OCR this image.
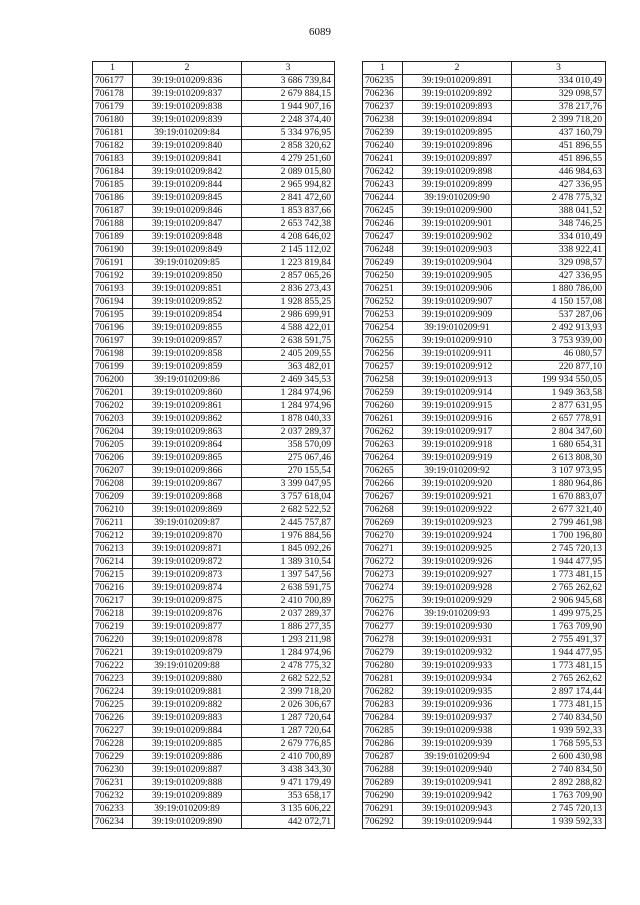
6089
1	2	3
706177	39:19:010209:836	3 686 739,84
706178	39:19:010209:837	2 679 884,15
706179	39:19:010209:838	1 944 907,16
706180	39:19:010209:839	2 248 374,40
706181	39:19:010209:84	5 334 976,95
706182	39:19:010209:840	2 858 320,62
706183	39:19:010209:841	4 279 251,60
706184	39:19:010209:842	2 089 015,80
706185	39:19:010209:844	2 965 994,82
706186	39:19:010209:845	2 841 472,60
706187	39:19:010209:846	1 853 837,66
706188	39:19:010209:847	2 653 742,38
706189	39:19:010209:848	4 208 646,02
706190	39:19:010209:849	2 145 112,02
706191	39:19:010209:85	1 223 819,84
706192	39:19:010209:850	2 857 065,26
706193	39:19:010209:851	2 836 273,43
706194	39:19:010209:852	1 928 855,25
706195	39:19:010209:854	2 986 699,91
706196	39:19:010209:855	4 588 422,01
706197	39:19:010209:857	2 638 591,75
706198	39:19:010209:858	2 405 209,55
706199	39:19:010209:859	363 482,01
706200	39:19:010209:86	2 469 345,53
706201	39:19:010209:860	1 284 974,96
706202	39:19:010209:861	1 284 974,96
706203	39:19:010209:862	1 878 040,33
706204	39:19:010209:863	2 037 289,37
706205	39:19:010209:864	358 570,09
706206	39:19:010209:865	275 067,46
706207	39:19:010209:866	270 155,54
706208	39:19:010209:867	3 399 047,95
706209	39:19:010209:868	3 757 618,04
706210	39:19:010209:869	2 682 522,52
706211	39:19:010209:87	2 445 757,87
706212	39:19:010209:870	1 976 884,56
706213	39:19:010209:871	1 845 092,26
706214	39:19:010209:872	1 389 310,54
706215	39:19:010209:873	1 397 547,56
706216	39:19:010209:874	2 638 591,75
706217	39:19:010209:875	2 410 700,89
706218	39:19:010209:876	2 037 289,37
706219	39:19:010209:877	1 886 277,35
706220	39:19:010209:878	1 293 211,98
706221	39:19:010209:879	1 284 974,96
706222	39:19:010209:88	2 478 775,32
706223	39:19:010209:880	2 682 522,52
706224	39:19:010209:881	2 399 718,20
706225	39:19:010209:882	2 026 306,67
706226	39:19:010209:883	1 287 720,64
706227	39:19:010209:884	1 287 720,64
706228	39:19:010209:885	2 679 776,85
706229	39:19:010209:886	2 410 700,89
706230	39:19:010209:887	3 438 343,30
706231	39:19:010209:888	9 471 179,49
706232	39:19:010209:889	353 658,17
706233	39:19:010209:89	3 135 606,22
706234	39:19:010209:890	442 072,71
1	2	3
706235	39:19:010209:891	334 010,49
706236	39:19:010209:892	329 098,57
706237	39:19:010209:893	378 217,76
706238	39:19:010209:894	2 399 718,20
706239	39:19:010209:895	437 160,79
706240	39:19:010209:896	451 896,55
706241	39:19:010209:897	451 896,55
706242	39:19:010209:898	446 984,63
706243	39:19:010209:899	427 336,95
706244	39:19:010209:90	2 478 775,32
706245	39:19:010209:900	388 041,52
706246	39:19:010209:901	348 746,25
706247	39:19:010209:902	334 010,49
706248	39:19:010209:903	338 922,41
706249	39:19:010209:904	329 098,57
706250	39:19:010209:905	427 336,95
706251	39:19:010209:906	1 880 786,00
706252	39:19:010209:907	4 150 157,08
706253	39:19:010209:909	537 287,06
706254	39:19:010209:91	2 492 913,93
706255	39:19:010209:910	3 753 939,00
706256	39:19:010209:911	46 080,57
706257	39:19:010209:912	220 877,10
706258	39:19:010209:913	199 934 550,05
706259	39:19:010209:914	1 949 363,58
706260	39:19:010209:915	2 877 631,95
706261	39:19:010209:916	2 657 778,91
706262	39:19:010209:917	2 804 347,60
706263	39:19:010209:918	1 680 654,31
706264	39:19:010209:919	2 613 808,30
706265	39:19:010209:92	3 107 973,95
706266	39:19:010209:920	1 880 964,86
706267	39:19:010209:921	1 670 883,07
706268	39:19:010209:922	2 677 321,40
706269	39:19:010209:923	2 799 461,98
706270	39:19:010209:924	1 700 196,80
706271	39:19:010209:925	2 745 720,13
706272	39:19:010209:926	1 944 477,95
706273	39:19:010209:927	1 773 481,15
706274	39:19:010209:928	2 765 262,62
706275	39:19:010209:929	2 906 945,68
706276	39:19:010209:93	1 499 975,25
706277	39:19:010209:930	1 763 709,90
706278	39:19:010209:931	2 755 491,37
706279	39:19:010209:932	1 944 477,95
706280	39:19:010209:933	1 773 481,15
706281	39:19:010209:934	2 765 262,62
706282	39:19:010209:935	2 897 174,44
706283	39:19:010209:936	1 773 481,15
706284	39:19:010209:937	2 740 834,50
706285	39:19:010209:938	1 939 592,33
706286	39:19:010209:939	1 768 595,53
706287	39:19:010209:94	2 600 430,98
706288	39:19:010209:940	2 740 834,50
706289	39:19:010209:941	2 892 288,82
706290	39:19:010209:942	1 763 709,90
706291	39:19:010209:943	2 745 720,13
706292	39:19:010209:944	1 939 592,33
